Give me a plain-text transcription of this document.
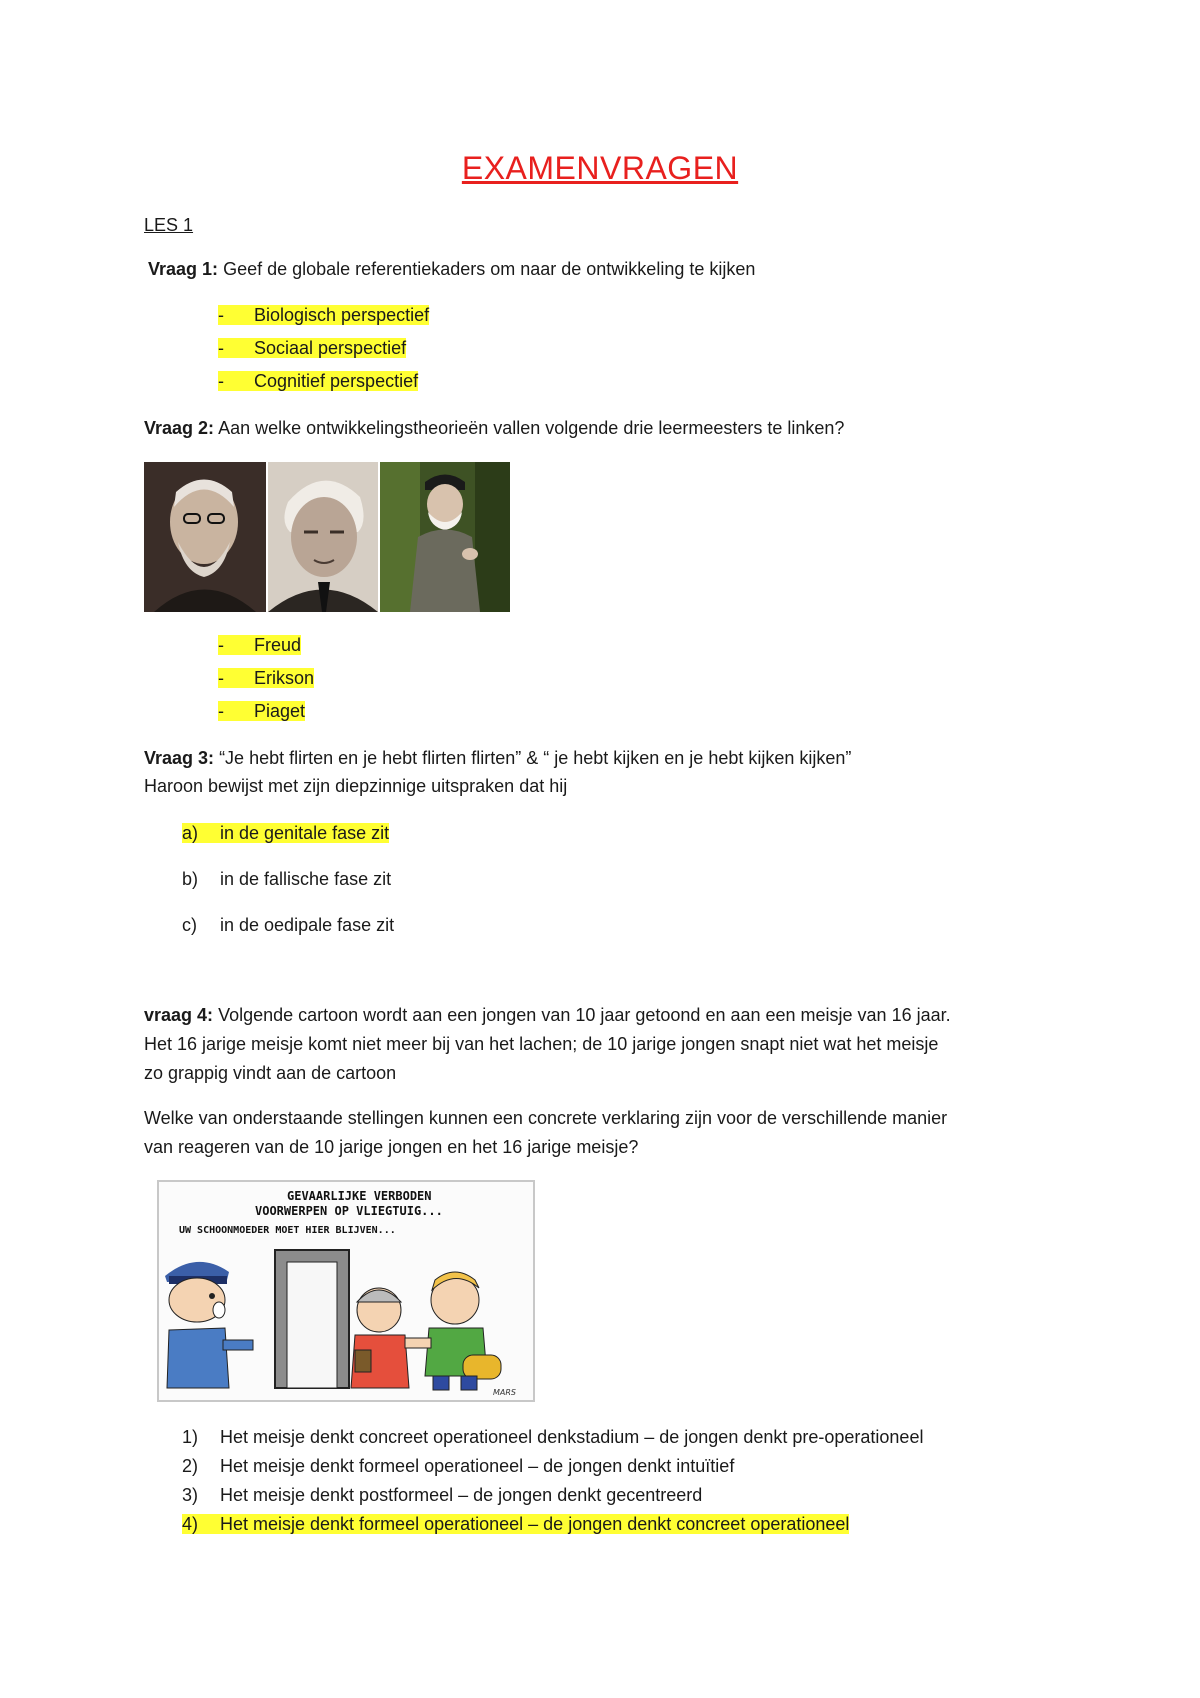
EXAMENVRAGEN
LES 1
Vraag 1: Geef de globale referentiekaders om naar de ontwikkeling te kijken
- Biologisch perspectief
- Sociaal perspectief
- Cognitief perspectief
Vraag 2: Aan welke ontwikkelingstheorieën vallen volgende drie leermeesters te linken?
- Freud
- Erikson
- Piaget
Vraag 3: “Je hebt flirten en je hebt flirten flirten” & “ je hebt kijken en je hebt kijken kijken”
Haroon bewijst met zijn diepzinnige uitspraken dat hij
a) in de genitale fase zit
b) in de fallische fase zit
c) in de oedipale fase zit
vraag 4: Volgende cartoon wordt aan een jongen van 10 jaar getoond en aan een meisje van 16 jaar.
Het 16 jarige meisje komt niet meer bij van het lachen; de 10 jarige jongen snapt niet wat het meisje
zo grappig vindt aan de cartoon
Welke van onderstaande stellingen kunnen een concrete verklaring zijn voor de verschillende manier
van reageren van de 10 jarige jongen en het 16 jarige meisje?
GEVAARLIJKE VERBODEN
VOORWERPEN OP VLIEGTUIG...
UW SCHOONMOEDER MOET HIER BLIJVEN...
MARS
1) Het meisje denkt concreet operationeel denkstadium – de jongen denkt pre-operationeel
2) Het meisje denkt formeel operationeel – de jongen denkt intuïtief
3) Het meisje denkt postformeel – de jongen denkt gecentreerd
4) Het meisje denkt formeel operationeel – de jongen denkt concreet operationeel
